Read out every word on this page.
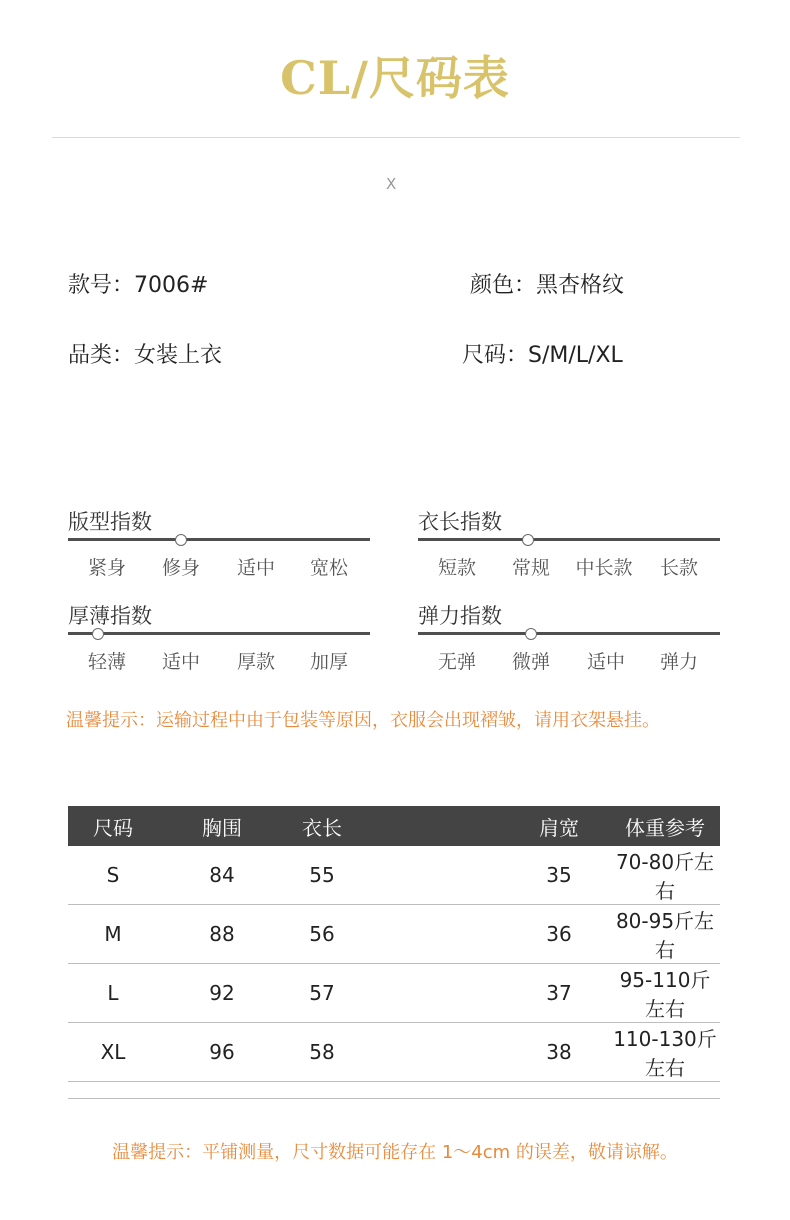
CL/尺码表
X
款号：7006#	颜色：黑杏格纹
品类：女装上衣	尺码：S/M/L/XL
版型指数
紧身	修身	适中	宽松
衣长指数
短款	常规	中长款	长款
厚薄指数
轻薄	适中	厚款	加厚
弹力指数
无弹	微弹	适中	弹力
温馨提示：运输过程中由于包装等原因，衣服会出现褶皱，请用衣架悬挂。
尺码	胸围	衣长		肩宽	体重参考
S	84	55		35	70-80斤左右
M	88	56		36	80-95斤左右
L	92	57		37	95-110斤左右
XL	96	58		38	110-130斤左右
温馨提示：平铺测量，尺寸数据可能存在 1～4cm 的误差，敬请谅解。
